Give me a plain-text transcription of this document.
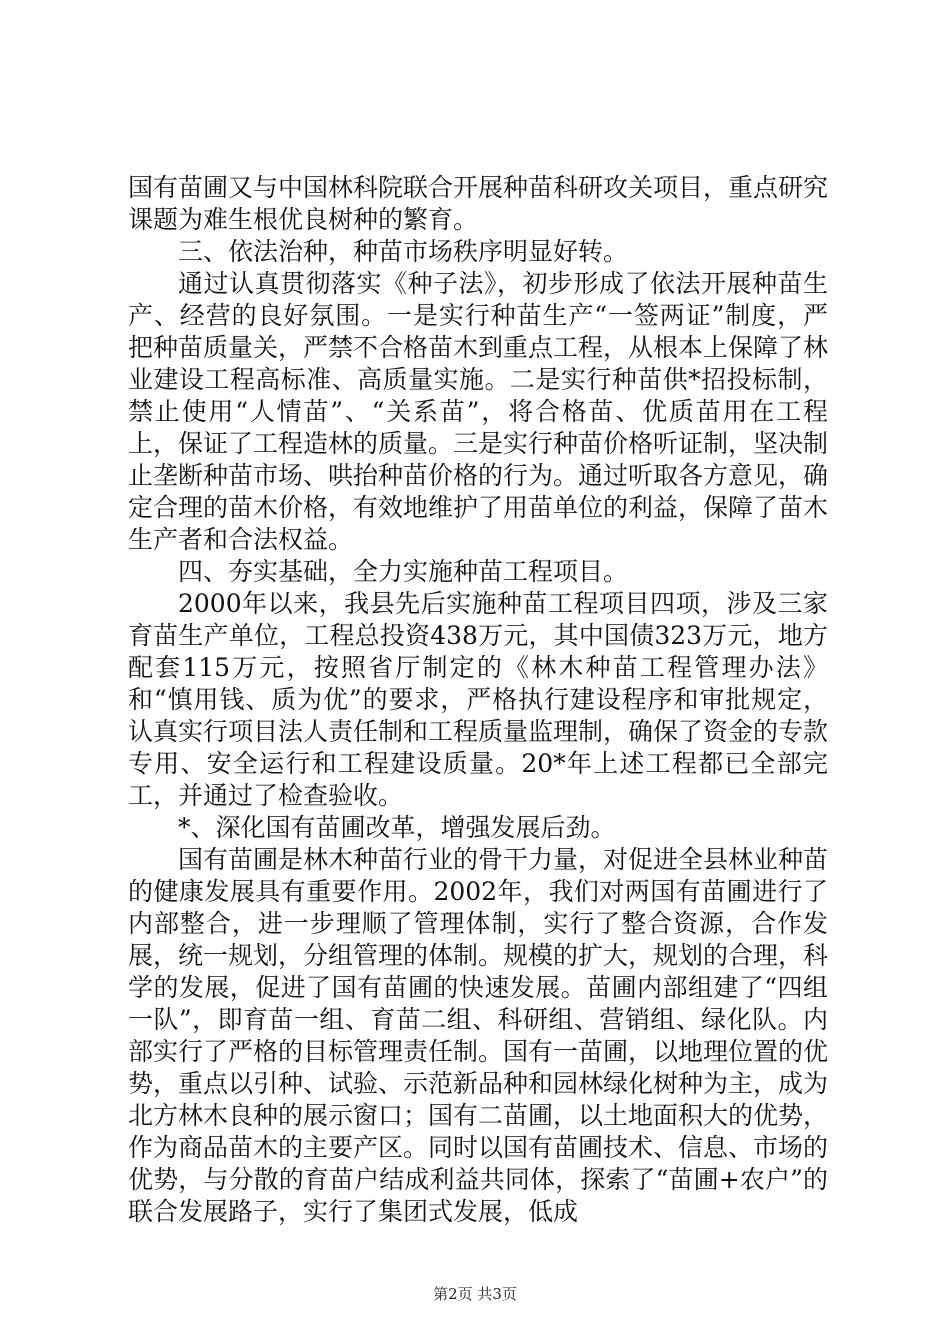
国有苗圃又与中国林科院联合开展种苗科研攻关项目，重点研究课题为难生根优良树种的繁育。

三、依法治种，种苗市场秩序明显好转。

通过认真贯彻落实《种子法》，初步形成了依法开展种苗生产、经营的良好氛围。一是实行种苗生产“一签两证”制度，严把种苗质量关，严禁不合格苗木到重点工程，从根本上保障了林业建设工程高标准、高质量实施。二是实行种苗供*招投标制，禁止使用“人情苗”、“关系苗”，将合格苗、优质苗用在工程上，保证了工程造林的质量。三是实行种苗价格听证制，坚决制止垄断种苗市场、哄抬种苗价格的行为。通过听取各方意见，确定合理的苗木价格，有效地维护了用苗单位的利益，保障了苗木生产者和合法权益。

四、夯实基础，全力实施种苗工程项目。

2000年以来，我县先后实施种苗工程项目四项，涉及三家育苗生产单位，工程总投资438万元，其中国债323万元，地方配套115万元，按照省厅制定的《林木种苗工程管理办法》和“慎用钱、质为优”的要求，严格执行建设程序和审批规定，认真实行项目法人责任制和工程质量监理制，确保了资金的专款专用、安全运行和工程建设质量。20*年上述工程都已全部完工，并通过了检查验收。

*、深化国有苗圃改革，增强发展后劲。

国有苗圃是林木种苗行业的骨干力量，对促进全县林业种苗的健康发展具有重要作用。2002年，我们对两国有苗圃进行了内部整合，进一步理顺了管理体制，实行了整合资源，合作发展，统一规划，分组管理的体制。规模的扩大，规划的合理，科学的发展，促进了国有苗圃的快速发展。苗圃内部组建了“四组一队”，即育苗一组、育苗二组、科研组、营销组、绿化队。内部实行了严格的目标管理责任制。国有一苗圃，以地理位置的优势，重点以引种、试验、示范新品种和园林绿化树种为主，成为北方林木良种的展示窗口；国有二苗圃，以土地面积大的优势，作为商品苗木的主要产区。同时以国有苗圃技术、信息、市场的优势，与分散的育苗户结成利益共同体，探索了“苗圃+农户”的联合发展路子，实行了集团式发展，低成

第2页 共3页
